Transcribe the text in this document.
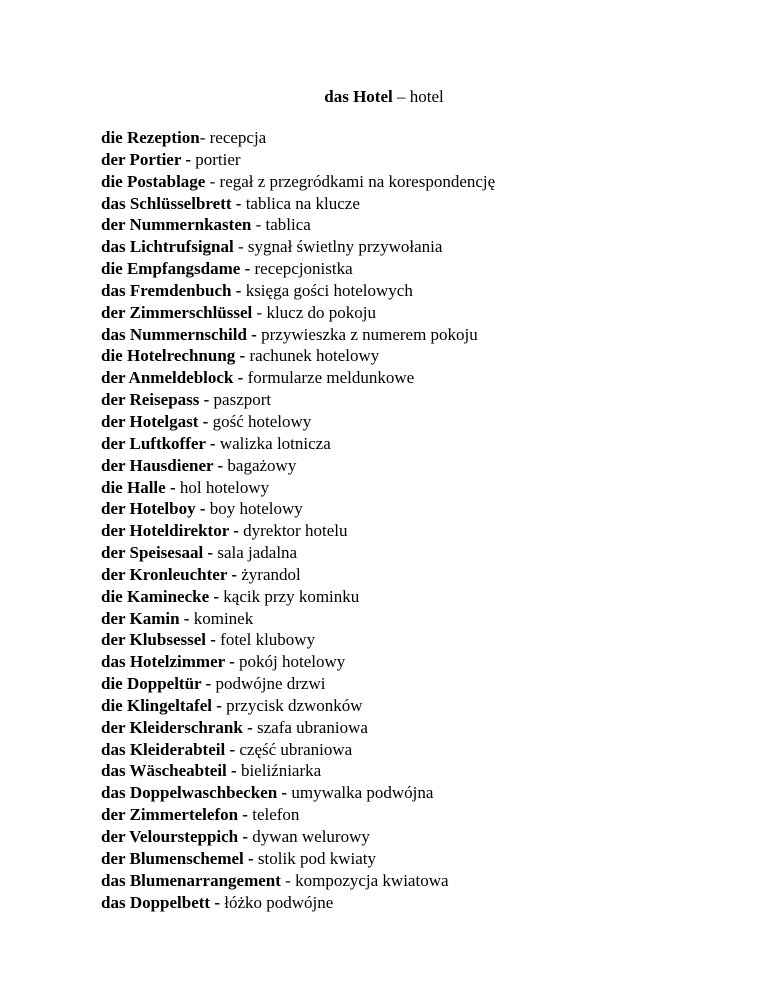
das Hotel – hotel
die Rezeption- recepcja
der Portier - portier
die Postablage - regał z przegródkami na korespondencję
das Schlüsselbrett - tablica na klucze
der Nummernkasten - tablica
das Lichtrufsignal - sygnał świetlny przywołania
die Empfangsdame - recepcjonistka
das Fremdenbuch - księga gości hotelowych
der Zimmerschlüssel - klucz do pokoju
das Nummernschild - przywieszka z numerem pokoju
die Hotelrechnung - rachunek hotelowy
der Anmeldeblock - formularze meldunkowe
der Reisepass - paszport
der Hotelgast - gość hotelowy
der Luftkoffer - walizka lotnicza
der Hausdiener - bagażowy
die Halle - hol hotelowy
der Hotelboy - boy hotelowy
der Hoteldirektor - dyrektor hotelu
der Speisesaal - sala jadalna
der Kronleuchter - żyrandol
die Kaminecke - kącik przy kominku
der Kamin - kominek
der Klubsessel - fotel klubowy
das Hotelzimmer - pokój hotelowy
die Doppeltür - podwójne drzwi
die Klingeltafel - przycisk dzwonków
der Kleiderschrank - szafa ubraniowa
das Kleiderabteil - część ubraniowa
das Wäscheabteil - bieliźniarka
das Doppelwaschbecken - umywalka podwójna
der Zimmertelefon - telefon
der Veloursteppich - dywan welurowy
der Blumenschemel - stolik pod kwiaty
das Blumenarrangement - kompozycja kwiatowa
das Doppelbett - łóżko podwójne
